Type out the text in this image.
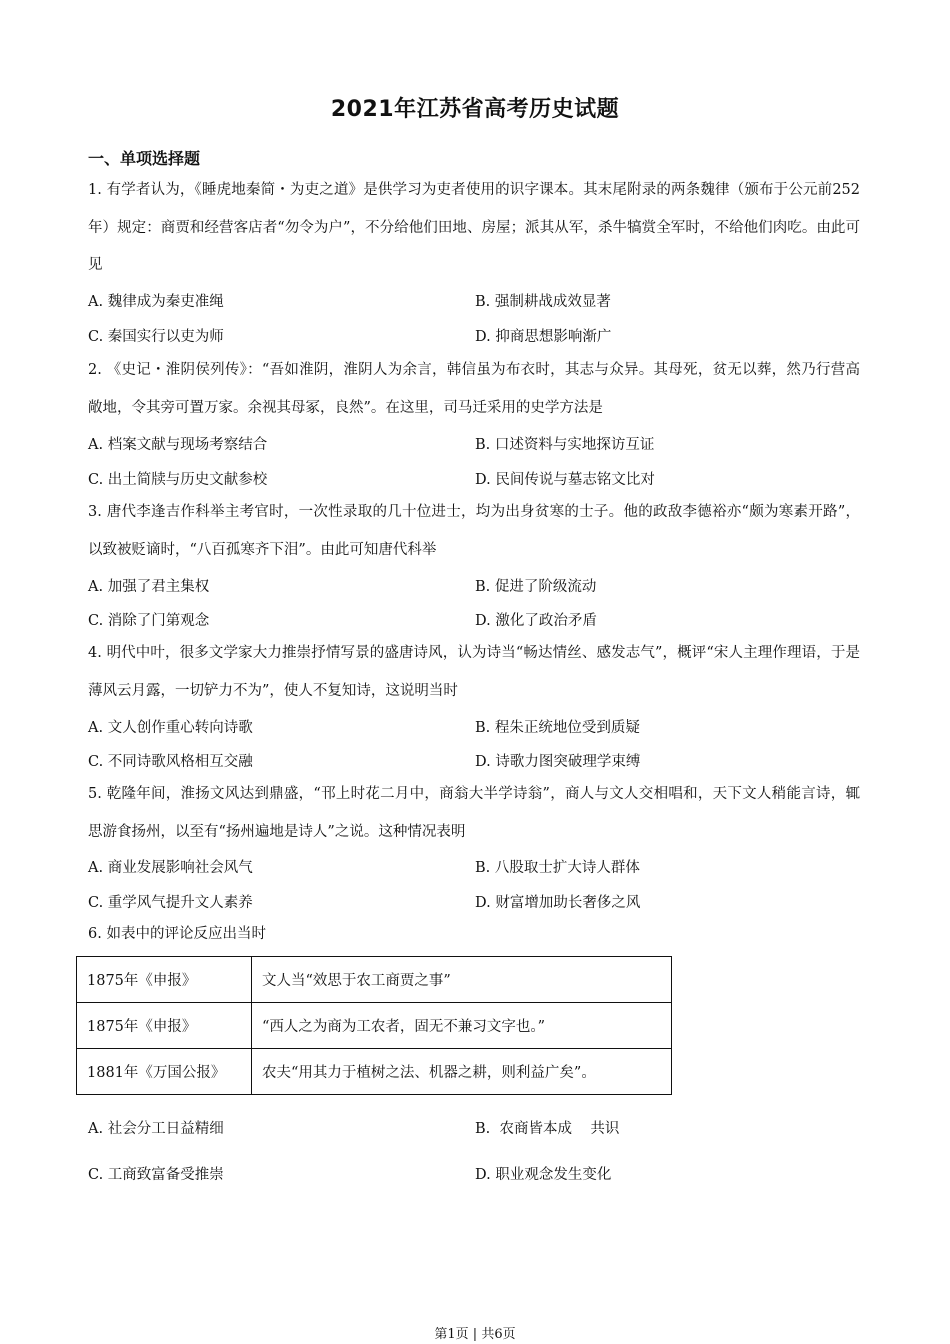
2021年江苏省高考历史试题
一、单项选择题
1. 有学者认为，《睡虎地秦简・为吏之道》是供学习为吏者使用的识字课本。其末尾附录的两条魏律（颁布于公元前252年）规定：商贾和经营客店者“勿令为户”，不分给他们田地、房屋；派其从军，杀牛犒赏全军时，不给他们肉吃。由此可见
A. 魏律成为秦吏准绳	B. 强制耕战成效显著
C. 秦国实行以吏为师	D. 抑商思想影响渐广
2. 《史记・淮阴侯列传》：“吾如淮阴，淮阴人为余言，韩信虽为布衣时，其志与众异。其母死，贫无以葬，然乃行营高敞地，令其旁可置万家。余视其母冢，良然”。在这里，司马迁采用的史学方法是
A. 档案文献与现场考察结合	B. 口述资料与实地探访互证
C. 出土简牍与历史文献参校	D. 民间传说与墓志铭文比对
3. 唐代李逢吉作科举主考官时，一次性录取的几十位进士，均为出身贫寒的士子。他的政敌李德裕亦“颇为寒素开路”，以致被贬谪时，“八百孤寒齐下泪”。由此可知唐代科举
A. 加强了君主集权	B. 促进了阶级流动
C. 消除了门第观念	D. 激化了政治矛盾
4. 明代中叶，很多文学家大力推崇抒情写景的盛唐诗风，认为诗当“畅达情丝、感发志气”，概评“宋人主理作理语，于是薄风云月露，一切铲力不为”，使人不复知诗，这说明当时
A. 文人创作重心转向诗歌	B. 程朱正统地位受到质疑
C. 不同诗歌风格相互交融	D. 诗歌力图突破理学束缚
5. 乾隆年间，淮扬文风达到鼎盛，“邗上时花二月中，商翁大半学诗翁”，商人与文人交相唱和，天下文人稍能言诗，辄思游食扬州，以至有“扬州遍地是诗人”之说。这种情况表明
A. 商业发展影响社会风气	B. 八股取士扩大诗人群体
C. 重学风气提升文人素养	D. 财富增加助长奢侈之风
6. 如表中的评论反应出当时
1875年《申报》	文人当“效思于农工商贾之事”
1875年《申报》	“西人之为商为工农者，固无不兼习文字也。”
1881年《万国公报》	农夫“用其力于植树之法、机器之耕，则利益广矣”。
A. 社会分工日益精细	B.  农商皆本成    共识
C. 工商致富备受推崇	D. 职业观念发生变化
第1页 | 共6页
